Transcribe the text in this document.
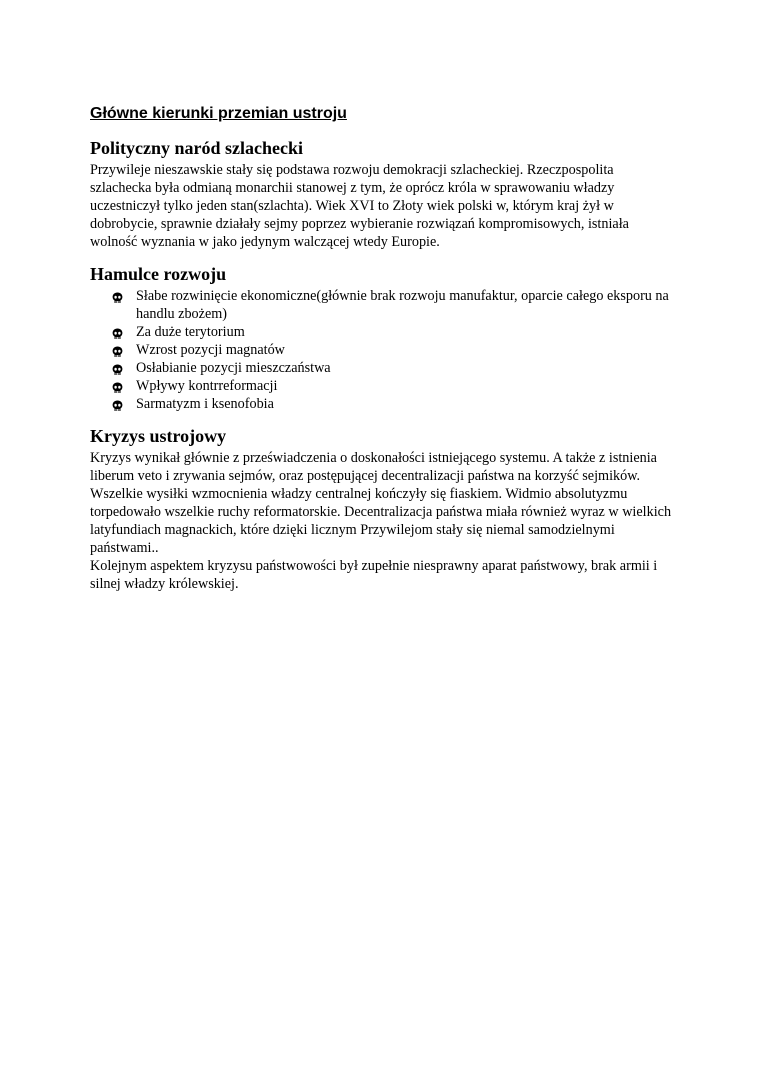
Główne kierunki przemian ustroju
Polityczny naród szlachecki

Przywileje nieszawskie stały się podstawa rozwoju demokracji szlacheckiej. Rzeczpospolita szlachecka była odmianą monarchii stanowej z tym, że oprócz króla w sprawowaniu władzy uczestniczył tylko jeden stan(szlachta). Wiek XVI to Złoty wiek polski w, którym kraj żył w dobrobycie, sprawnie działały sejmy poprzez wybieranie rozwiązań kompromisowych, istniała wolność wyznania w jako jedynym walczącej wtedy Europie.

Hamulce rozwoju
Słabe rozwinięcie ekonomiczne(głównie brak rozwoju manufaktur, oparcie całego eksporu na handlu zbożem)
Za duże terytorium
Wzrost pozycji magnatów
Osłabianie pozycji mieszczaństwa
Wpływy kontrreformacji
Sarmatyzm i ksenofobia
Kryzys ustrojowy

Kryzys wynikał głównie z przeświadczenia o doskonałości istniejącego systemu. A także z istnienia liberum veto i zrywania sejmów, oraz postępującej decentralizacji państwa na korzyść sejmików. Wszelkie wysiłki wzmocnienia władzy centralnej kończyły się fiaskiem. Widmio absolutyzmu torpedowało wszelkie ruchy reformatorskie. Decentralizacja państwa miała również wyraz w wielkich latyfundiach magnackich, które dzięki licznym Przywilejom stały się niemal samodzielnymi państwami..

Kolejnym aspektem kryzysu państwowości był zupełnie niesprawny aparat państwowy, brak armii i silnej władzy królewskiej.
